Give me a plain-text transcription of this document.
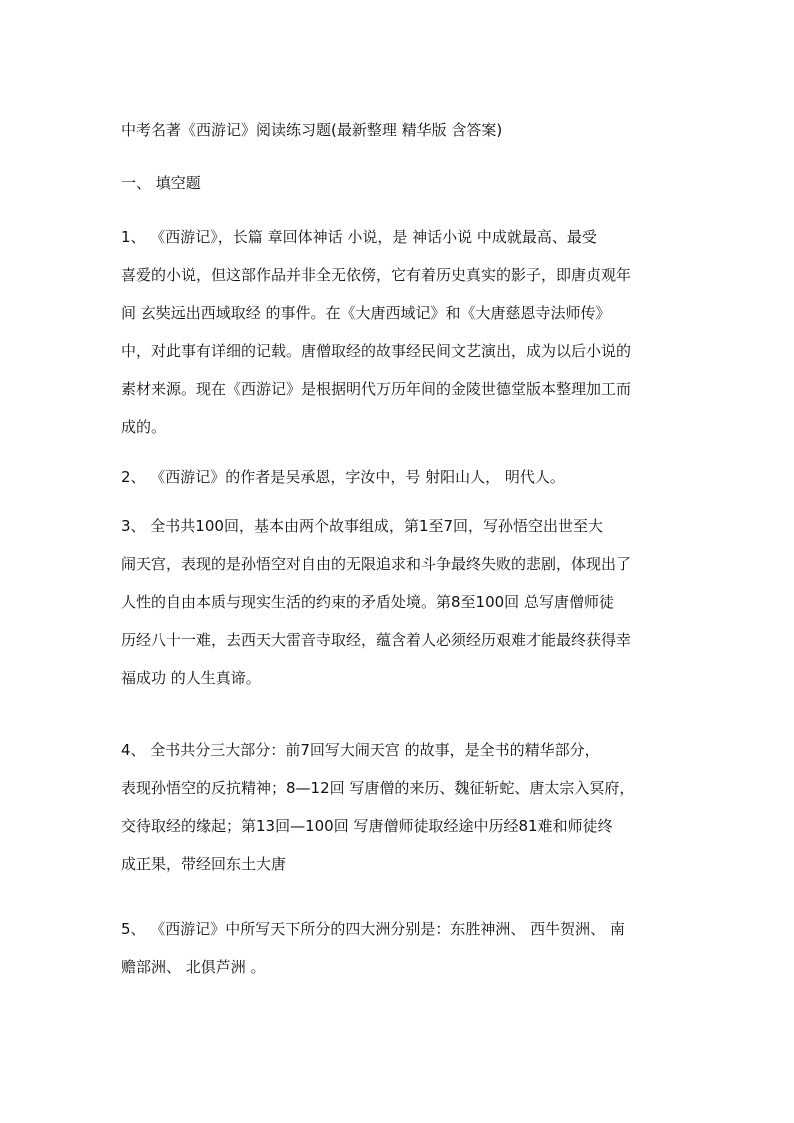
中考名著《西游记》阅读练习题(最新整理 精华版 含答案)
一、 填空题

1、 《西游记》，长篇 章回体神话 小说，是 神话小说 中成就最高、最受
喜爱的小说，但这部作品并非全无依傍，它有着历史真实的影子，即唐贞观年
间 玄奘远出西域取经 的事件。在《大唐西域记》和《大唐慈恩寺法师传》
中，对此事有详细的记载。唐僧取经的故事经民间文艺演出，成为以后小说的
素材来源。现在《西游记》是根据明代万历年间的金陵世德堂版本整理加工而
成的。

2、 《西游记》的作者是吴承恩，字汝中，号 射阳山人， 明代人。

3、 全书共100回，基本由两个故事组成，第1至7回，写孙悟空出世至大
闹天宫，表现的是孙悟空对自由的无限追求和斗争最终失败的悲剧，体现出了
人性的自由本质与现实生活的约束的矛盾处境。第8至100回 总写唐僧师徒
历经八十一难，去西天大雷音寺取经，蕴含着人必须经历艰难才能最终获得幸
福成功 的人生真谛。

4、 全书共分三大部分：前7回写大闹天宫 的故事，是全书的精华部分，
表现孙悟空的反抗精神；8—12回 写唐僧的来历、魏征斩蛇、唐太宗入冥府，
交待取经的缘起；第13回—100回 写唐僧师徒取经途中历经81难和师徒终
成正果，带经回东土大唐

5、 《西游记》中所写天下所分的四大洲分别是：东胜神洲、 西牛贺洲、 南
赡部洲、 北俱芦洲 。
